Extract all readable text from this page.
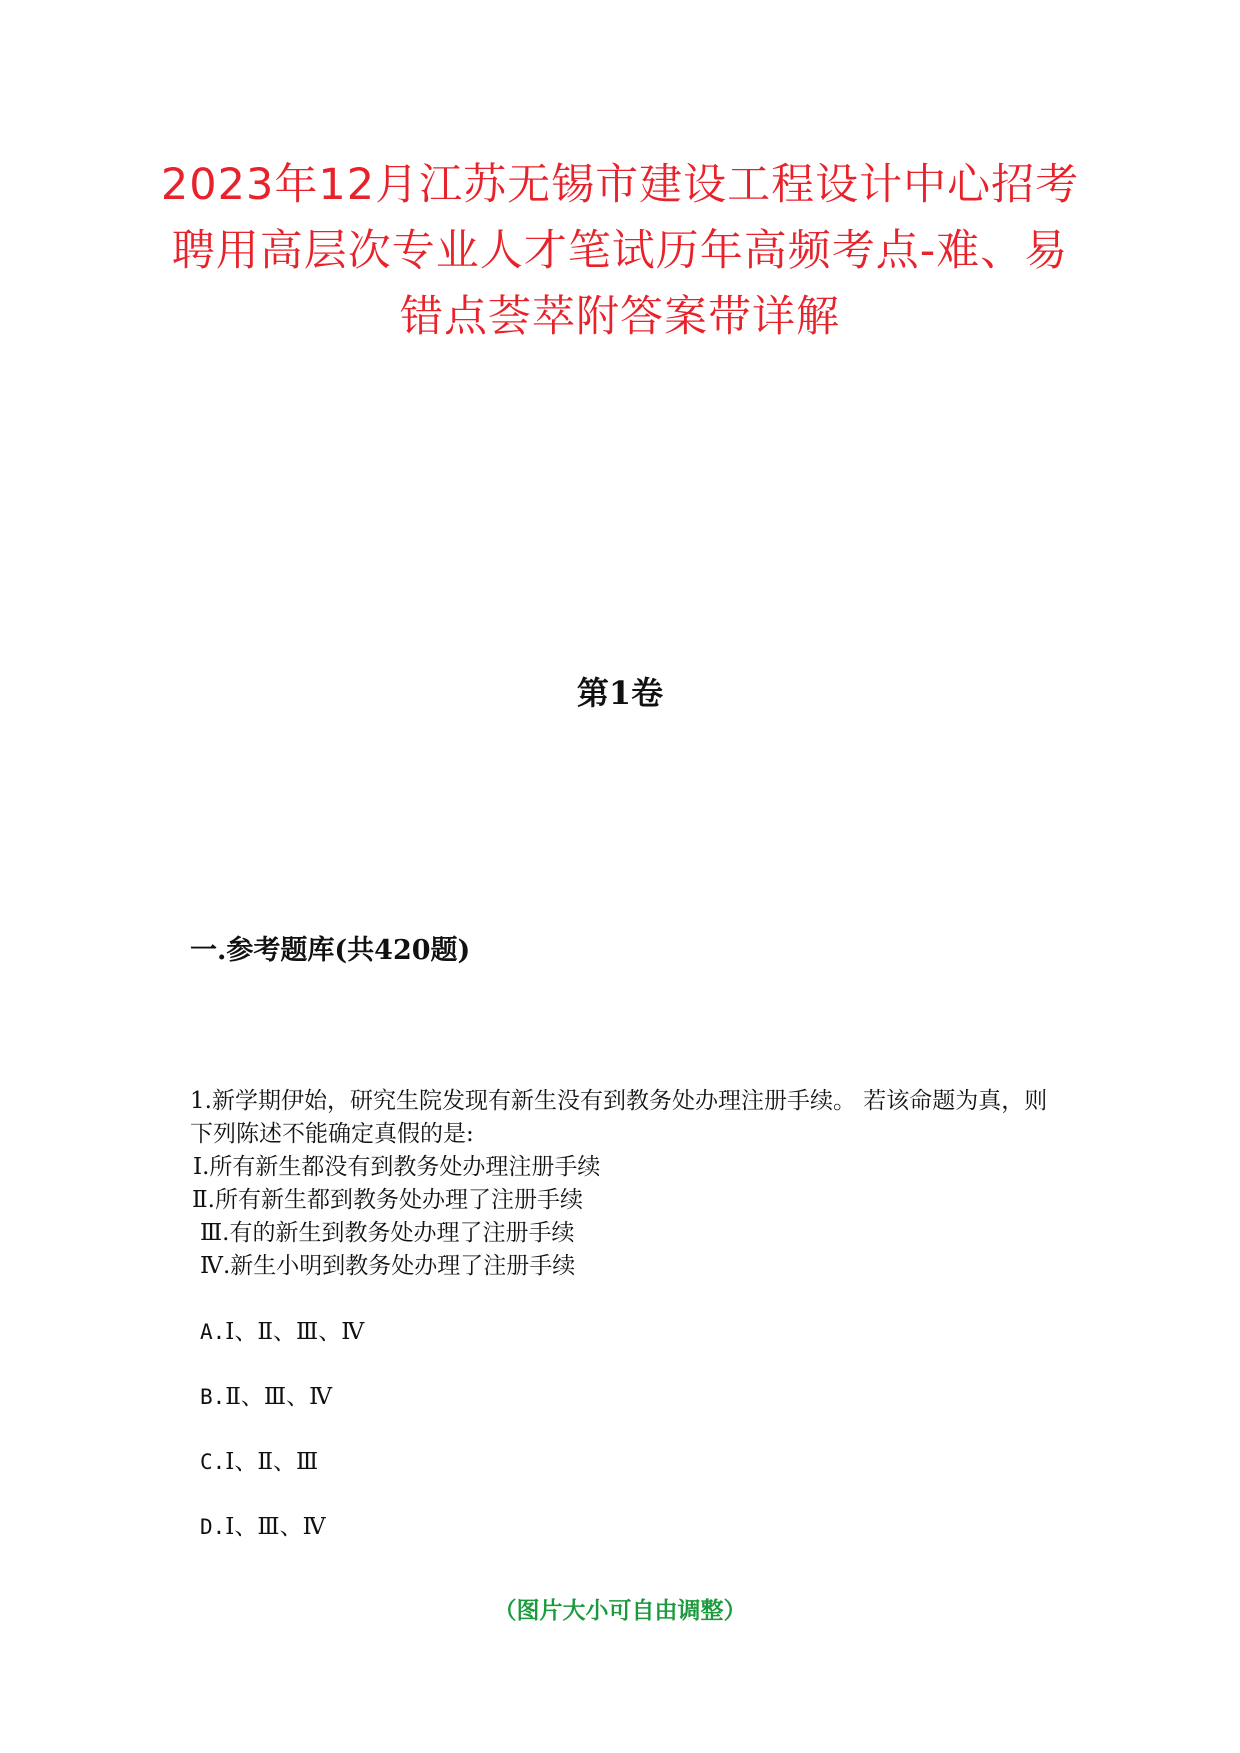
2023年12月江苏无锡市建设工程设计中心招考聘用高层次专业人才笔试历年高频考点-难、易错点荟萃附答案带详解
第1卷
一.参考题库(共420题)

1.新学期伊始，研究生院发现有新生没有到教务处办理注册手续。 若该命题为真，则下列陈述不能确定真假的是:

Ⅰ.所有新生都没有到教务处办理注册手续
Ⅱ.所有新生都到教务处办理了注册手续
Ⅲ.有的新生到教务处办理了注册手续
Ⅳ.新生小明到教务处办理了注册手续
A.Ⅰ、Ⅱ、Ⅲ、Ⅳ
B.Ⅱ、Ⅲ、Ⅳ
C.Ⅰ、Ⅱ、Ⅲ
D.Ⅰ、Ⅲ、Ⅳ

（图片大小可自由调整）
